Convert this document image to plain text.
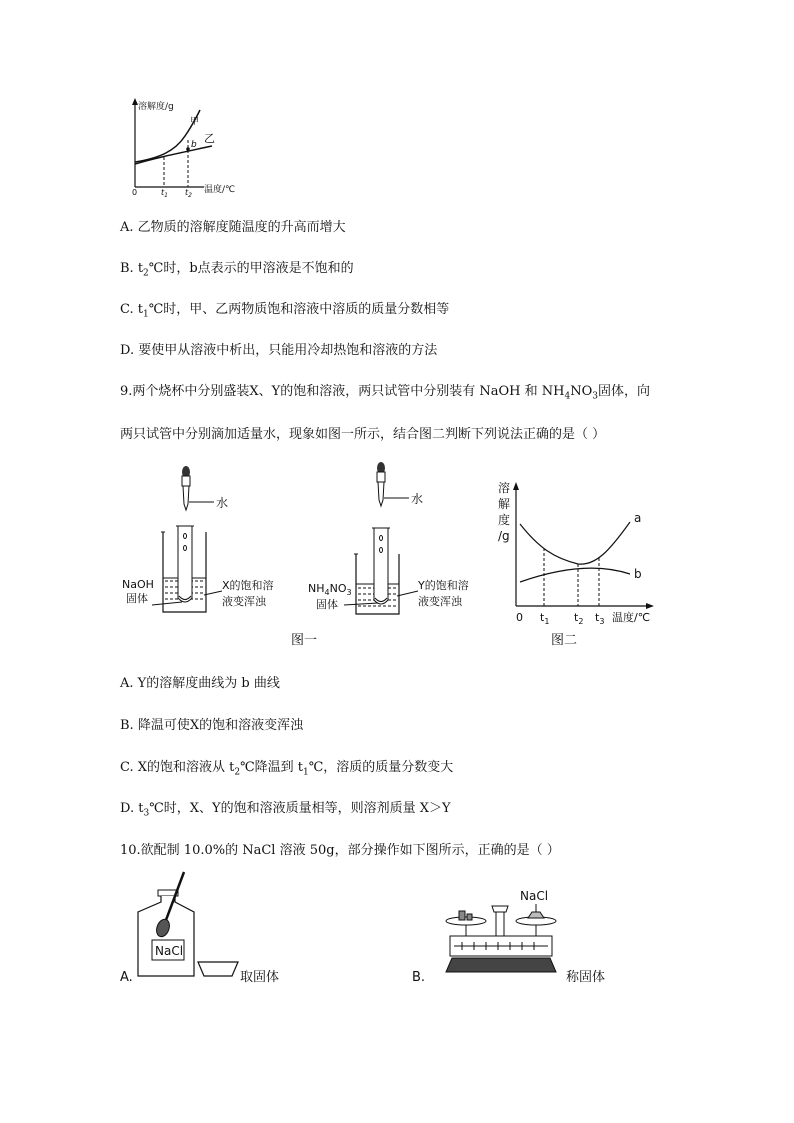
溶解度/g
甲
乙
b
0	$t_1$ $t_2$
温度/℃
A. 乙物质的溶解度随温度的升高而增大
B. $t_2℃$时，b点表示的甲溶液是不饱和的
C. $t_1℃$时，甲、乙两物质饱和溶液中溶质的质量分数相等
D. 要使甲从溶液中析出，只能用冷却热饱和溶液的方法
9.两个烧杯中分别盛装X、Y的饱和溶液，两只试管中分别装有 NaOH 和 $NH_4NO_3$固体，向
两只试管中分别滴加适量水，现象如图一所示，结合图二判断下列说法正确的是（ ）
水
NaOH
固体
X的饱和溶
液变浑浊
图一
水
$NH_4NO_3$
固体
Y的饱和溶
液变浑浊
溶
解
度
/g
a
b
0 $t_1$ $t_2$ $t_3$ 温度/℃
图二
A. Y的溶解度曲线为 b 曲线
B. 降温可使X的饱和溶液变浑浊
C. X的饱和溶液从 $t_2℃$降温到 $t_1℃$，溶质的质量分数变大
D. $t_3℃$时，X、Y的饱和溶液质量相等，则溶剂质量 X＞Y
10.欲配制 10.0%的 NaCl 溶液 50g，部分操作如下图所示，正确的是（ ）
A.
NaCl
取固体	B.
NaCl
称固体
